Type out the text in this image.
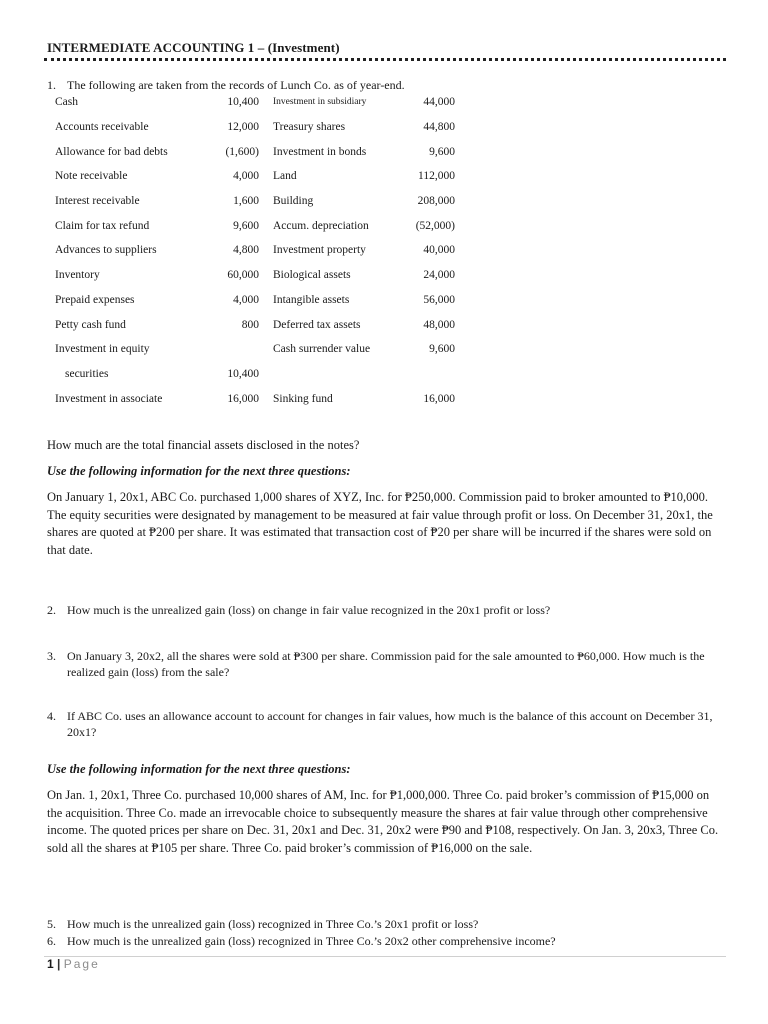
INTERMEDIATE ACCOUNTING 1 – (Investment)
1. The following are taken from the records of Lunch Co. as of year-end.
Cash	10,400	Investment in subsidiary	44,000
Accounts receivable	12,000	Treasury shares	44,800
Allowance for bad debts	(1,600)	Investment in bonds	9,600
Note receivable	4,000	Land	112,000
Interest receivable	1,600	Building	208,000
Claim for tax refund	9,600	Accum. depreciation	(52,000)
Advances to suppliers	4,800	Investment property	40,000
Inventory	60,000	Biological assets	24,000
Prepaid expenses	4,000	Intangible assets	56,000
Petty cash fund	800	Deferred tax assets	48,000
Investment in equity		Cash surrender value	9,600
securities	10,400		
Investment in associate	16,000	Sinking fund	16,000
How much are the total financial assets disclosed in the notes?
Use the following information for the next three questions:
On January 1, 20x1, ABC Co. purchased 1,000 shares of XYZ, Inc. for ₱250,000. Commission paid to broker amounted to ₱10,000. The equity securities were designated by management to be measured at fair value through profit or loss. On December 31, 20x1, the shares are quoted at ₱200 per share. It was estimated that transaction cost of ₱20 per share will be incurred if the shares were sold on that date.
2. How much is the unrealized gain (loss) on change in fair value recognized in the 20x1 profit or loss?
3. On January 3, 20x2, all the shares were sold at ₱300 per share. Commission paid for the sale amounted to ₱60,000. How much is the realized gain (loss) from the sale?
4. If ABC Co. uses an allowance account to account for changes in fair values, how much is the balance of this account on December 31, 20x1?
Use the following information for the next three questions:
On Jan. 1, 20x1, Three Co. purchased 10,000 shares of AM, Inc. for ₱1,000,000. Three Co. paid broker’s commission of ₱15,000 on the acquisition. Three Co. made an irrevocable choice to subsequently measure the shares at fair value through other comprehensive income. The quoted prices per share on Dec. 31, 20x1 and Dec. 31, 20x2 were ₱90 and ₱108, respectively. On Jan. 3, 20x3, Three Co. sold all the shares at ₱105 per share. Three Co. paid broker’s commission of ₱16,000 on the sale.
5. How much is the unrealized gain (loss) recognized in Three Co.’s 20x1 profit or loss?
6. How much is the unrealized gain (loss) recognized in Three Co.’s 20x2 other comprehensive income?
1 | Page
